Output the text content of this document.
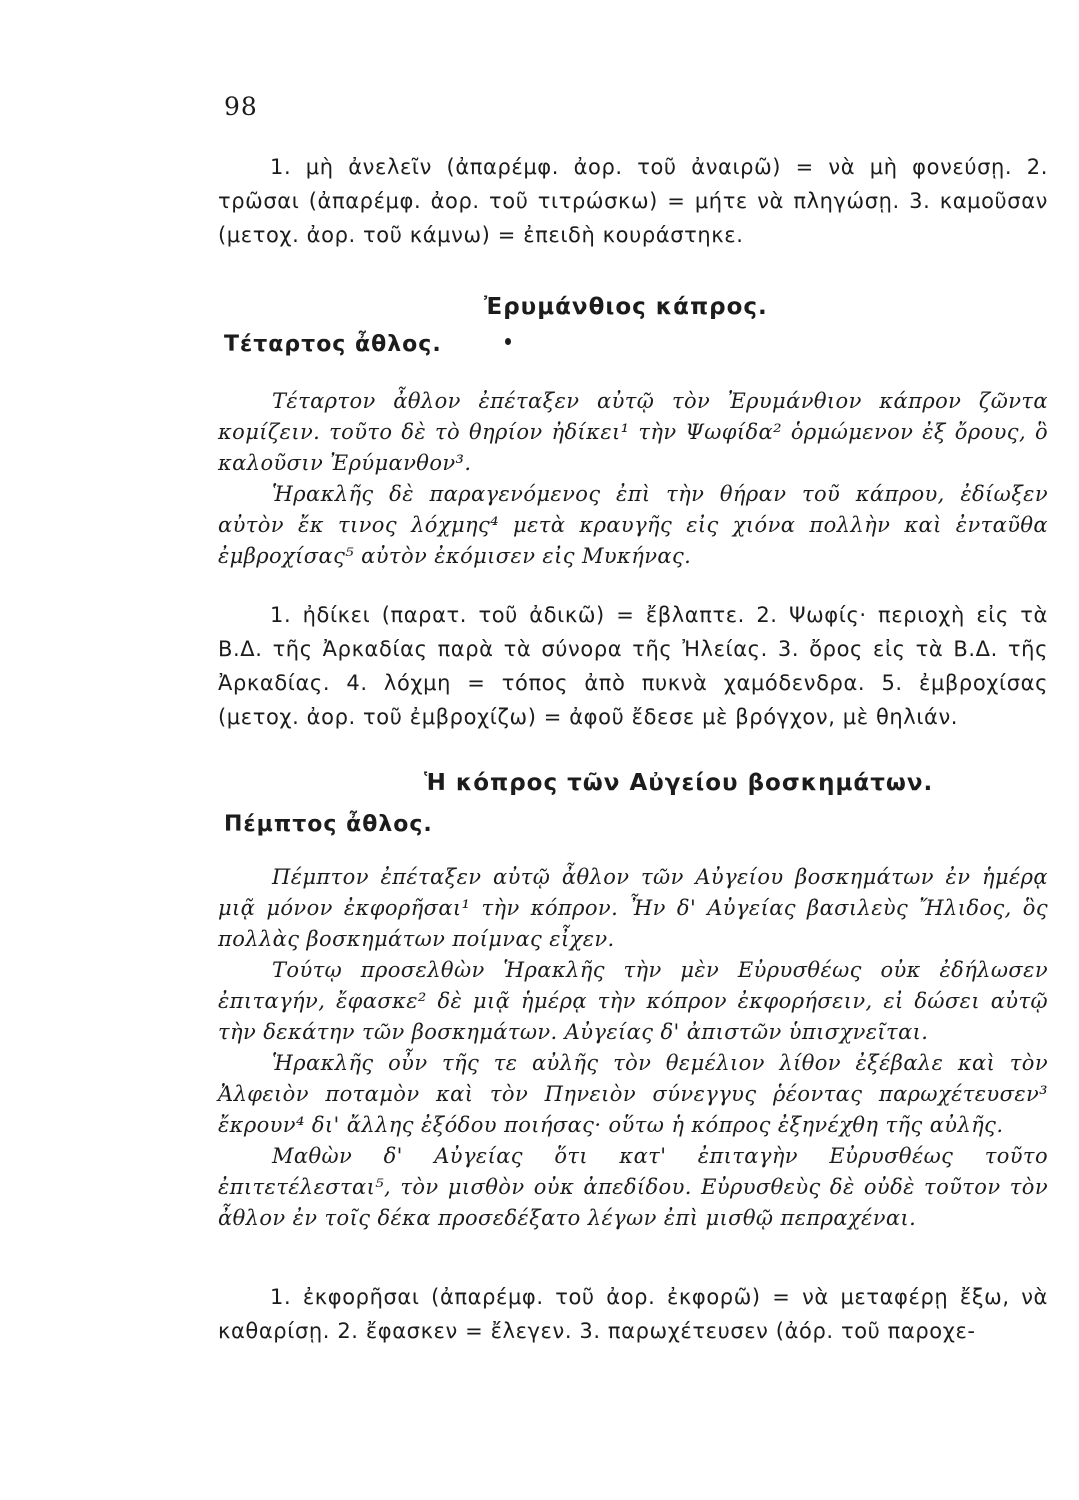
98

1. μὴ ἀνελεῖν (ἀπαρέμφ. ἀορ. τοῦ ἀναιρῶ) = νὰ μὴ φονεύσῃ. 2. τρῶσαι (ἀπαρέμφ. ἀορ. τοῦ τιτρώσκω) = μήτε νὰ πληγώσῃ. 3. καμοῦσαν (μετοχ. ἀορ. τοῦ κάμνω) = ἐπειδὴ κουράστηκε.

Ἐρυμάνθιος κάπρος.
Τέταρτος ἆθλος.

Τέταρτον ἆθλον ἐπέταξεν αὐτῷ τὸν Ἐρυμάνθιον κάπρον ζῶντα κομίζειν. τοῦτο δὲ τὸ θηρίον ἠδίκει¹ τὴν Ψωφίδα² ὁρμώμενον ἐξ ὄρους, ὃ καλοῦσιν Ἐρύμανθον³.

Ἡρακλῆς δὲ παραγενόμενος ἐπὶ τὴν θήραν τοῦ κάπρου, ἐδίωξεν αὐτὸν ἔκ τινος λόχμης⁴ μετὰ κραυγῆς εἰς χιόνα πολλὴν καὶ ἐνταῦθα ἐμβροχίσας⁵ αὐτὸν ἐκόμισεν εἰς Μυκήνας.

1. ἠδίκει (παρατ. τοῦ ἀδικῶ) = ἔβλαπτε. 2. Ψωφίς· περιοχὴ εἰς τὰ Β.Δ. τῆς Ἀρκαδίας παρὰ τὰ σύνορα τῆς Ἠλείας. 3. ὄρος εἰς τὰ Β.Δ. τῆς Ἀρκαδίας. 4. λόχμη = τόπος ἀπὸ πυκνὰ χαμόδενδρα. 5. ἐμβροχίσας (μετοχ. ἀορ. τοῦ ἐμβροχίζω) = ἀφοῦ ἔδεσε μὲ βρόγχον, μὲ θηλιάν.

Ἡ κόπρος τῶν Αὐγείου βοσκημάτων.
Πέμπτος ἆθλος.

Πέμπτον ἐπέταξεν αὐτῷ ἆθλον τῶν Αὐγείου βοσκημάτων ἐν ἡμέρᾳ μιᾷ μόνον ἐκφορῆσαι¹ τὴν κόπρον. Ἦν δ' Αὐγείας βασιλεὺς Ἤλιδος, ὃς πολλὰς βοσκημάτων ποίμνας εἶχεν.

Τούτῳ προσελθὼν Ἡρακλῆς τὴν μὲν Εὐρυσθέως οὐκ ἐδήλωσεν ἐπιταγήν, ἔφασκε² δὲ μιᾷ ἡμέρᾳ τὴν κόπρον ἐκφορήσειν, εἰ δώσει αὐτῷ τὴν δεκάτην τῶν βοσκημάτων. Αὐγείας δ' ἀπιστῶν ὑπισχνεῖται.

Ἡρακλῆς οὖν τῆς τε αὐλῆς τὸν θεμέλιον λίθον ἐξέβαλε καὶ τὸν Ἀλφειὸν ποταμὸν καὶ τὸν Πηνειὸν σύνεγγυς ῥέοντας παρωχέτευσεν³ ἔκρουν⁴ δι' ἄλλης ἐξόδου ποιήσας· οὕτω ἡ κόπρος ἐξηνέχθη τῆς αὐλῆς.

Μαθὼν δ' Αὐγείας ὅτι κατ' ἐπιταγὴν Εὐρυσθέως τοῦτο ἐπιτετέλεσται⁵, τὸν μισθὸν οὐκ ἀπεδίδου. Εὐρυσθεὺς δὲ οὐδὲ τοῦτον τὸν ἆθλον ἐν τοῖς δέκα προσεδέξατο λέγων ἐπὶ μισθῷ πεπραχέναι.

1. ἐκφορῆσαι (ἀπαρέμφ. τοῦ ἀορ. ἐκφορῶ) = νὰ μεταφέρῃ ἔξω, νὰ καθαρίσῃ. 2. ἔφασκεν = ἔλεγεν. 3. παρωχέτευσεν (ἀόρ. τοῦ παροχε-
